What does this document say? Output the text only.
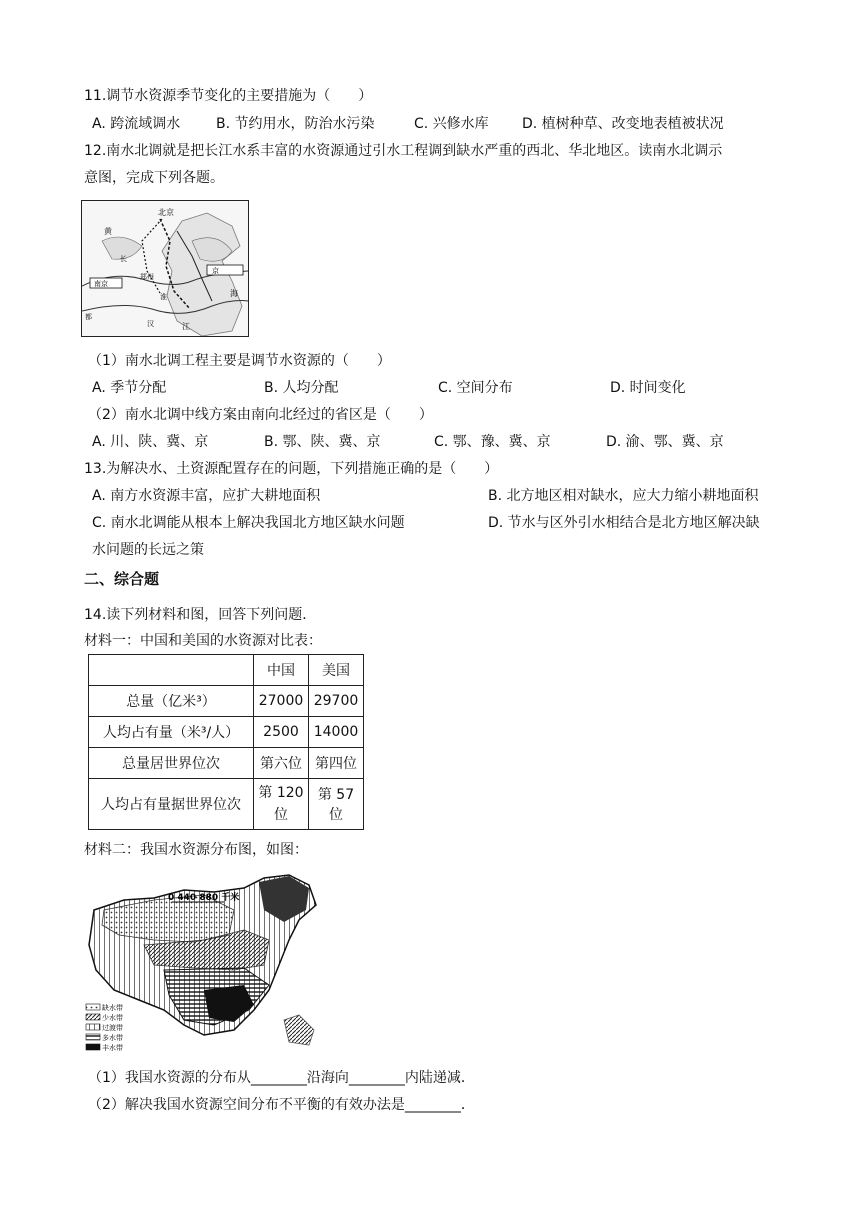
11.调节水资源季节变化的主要措施为（　　）
A. 跨流域调水	B. 节约用水，防治水污染	C. 兴修水库 D. 植树种草、改变地表植被状况
12.南水北调就是把长江水系丰富的水资源通过引水工程调到缺水严重的西北、华北地区。读南水北调示
意图，完成下列各题。
北京
黄
南京
郑州
淮
江
长
汉
海
京
都
（1）南水北调工程主要是调节水资源的（　　）
A. 季节分配	B. 人均分配	C. 空间分布	D. 时间变化
（2）南水北调中线方案由南向北经过的省区是（　　）
A. 川、陕、冀、京	B. 鄂、陕、冀、京	C. 鄂、豫、冀、京	D. 渝、鄂、冀、京
13.为解决水、土资源配置存在的问题，下列措施正确的是（　　）
A. 南方水资源丰富，应扩大耕地面积	B. 北方地区相对缺水，应大力缩小耕地面积
C. 南水北调能从根本上解决我国北方地区缺水问题	D. 节水与区外引水相结合是北方地区解决缺
水问题的长远之策
二、综合题
14.读下列材料和图，回答下列问题．
材料一：中国和美国的水资源对比表：
	中国	美国
总量（亿米³）	27000	29700
人均占有量（米³/人）	2500	14000
总量居世界位次	第六位	第四位
人均占有量据世界位次	第 120 位	第 57 位
材料二：我国水资源分布图，如图：
0 440 880 千米
缺水带
少水带
过渡带
多水带
丰水带
（1）我国水资源的分布从________沿海向________内陆递减．
（2）解决我国水资源空间分布不平衡的有效办法是________．
